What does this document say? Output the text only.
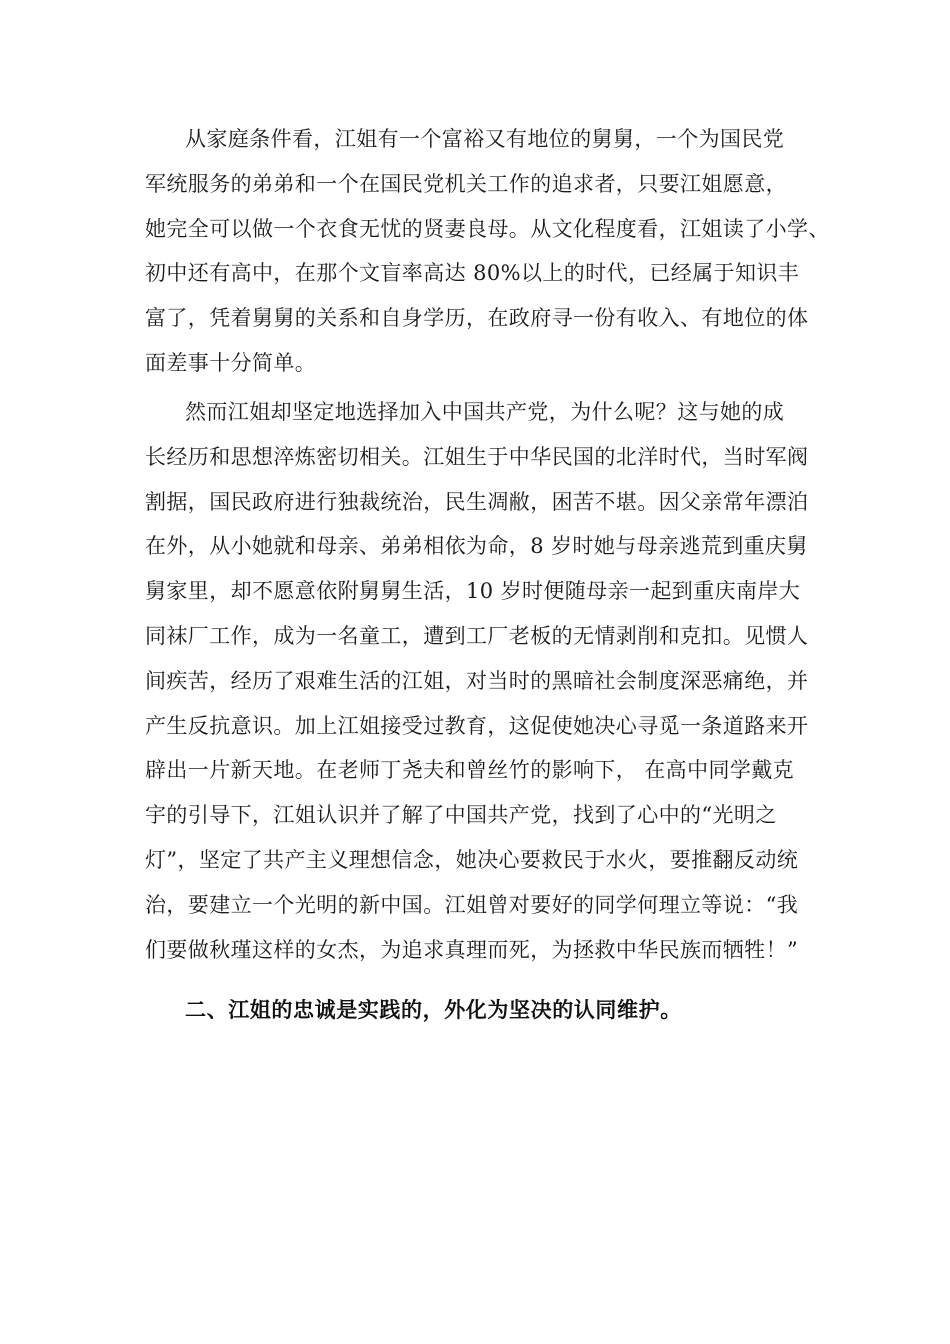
从家庭条件看，江姐有一个富裕又有地位的舅舅，一个为国民党
军统服务的弟弟和一个在国民党机关工作的追求者，只要江姐愿意，
她完全可以做一个衣食无忧的贤妻良母。从文化程度看，江姐读了小学、
初中还有高中，在那个文盲率高达 80%以上的时代，已经属于知识丰
富了，凭着舅舅的关系和自身学历，在政府寻一份有收入、有地位的体
面差事十分简单。
然而江姐却坚定地选择加入中国共产党，为什么呢？这与她的成
长经历和思想淬炼密切相关。江姐生于中华民国的北洋时代，当时军阀
割据，国民政府进行独裁统治，民生凋敝，困苦不堪。因父亲常年漂泊
在外，从小她就和母亲、弟弟相依为命，8 岁时她与母亲逃荒到重庆舅
舅家里，却不愿意依附舅舅生活，10 岁时便随母亲一起到重庆南岸大
同袜厂工作，成为一名童工，遭到工厂老板的无情剥削和克扣。见惯人
间疾苦，经历了艰难生活的江姐，对当时的黑暗社会制度深恶痛绝，并
产生反抗意识。加上江姐接受过教育，这促使她决心寻觅一条道路来开
辟出一片新天地。在老师丁尧夫和曾丝竹的影响下， 在高中同学戴克
宇的引导下，江姐认识并了解了中国共产党，找到了心中的“光明之
灯”，坚定了共产主义理想信念，她决心要救民于水火，要推翻反动统
治，要建立一个光明的新中国。江姐曾对要好的同学何理立等说：“我
们要做秋瑾这样的女杰，为追求真理而死，为拯救中华民族而牺牲！”
二、江姐的忠诚是实践的，外化为坚决的认同维护。
